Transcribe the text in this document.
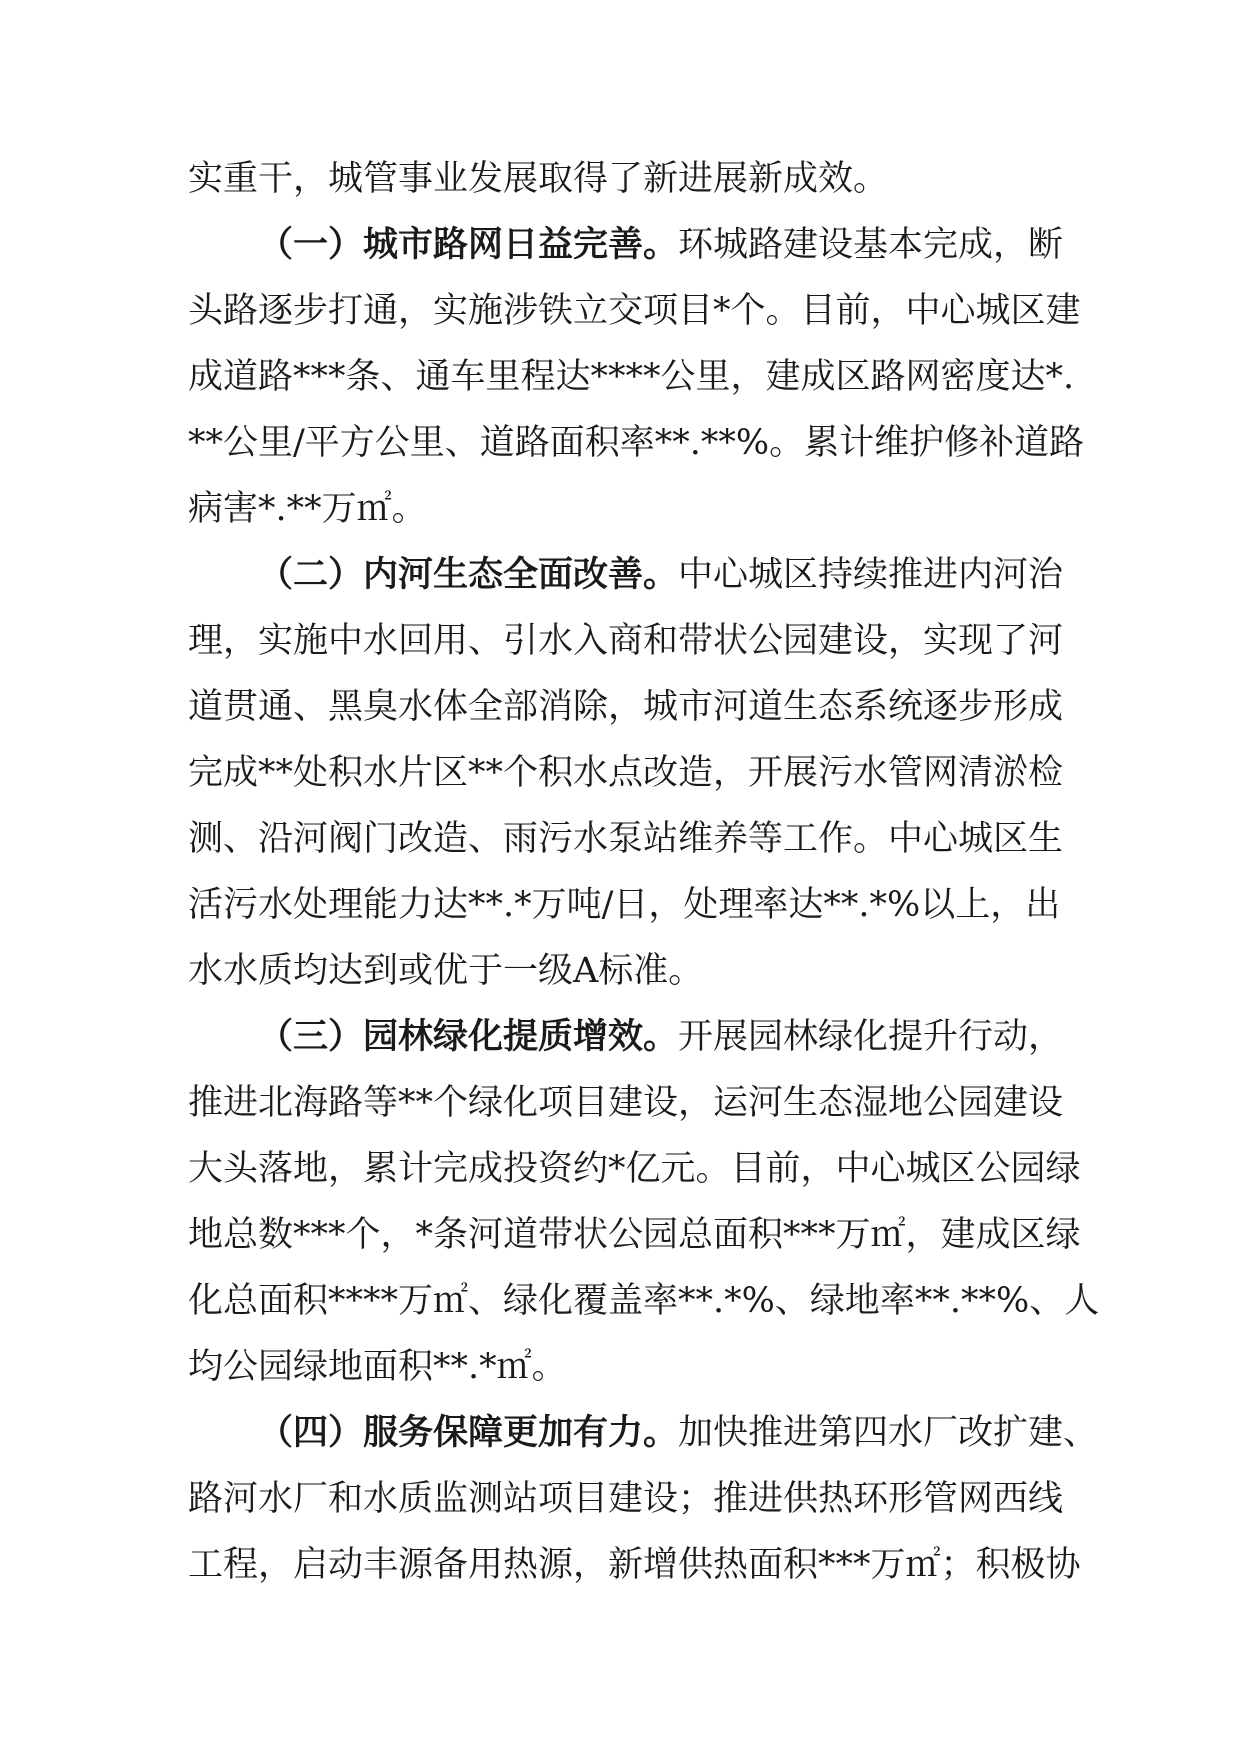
实重干，城管事业发展取得了新进展新成效。
（一）城市路网日益完善。环城路建设基本完成，断
头路逐步打通，实施涉铁立交项目*个。目前，中心城区建
成道路***条、通车里程达****公里，建成区路网密度达*.
**公里/平方公里、道路面积率**.**%。累计维护修补道路
病害*.**万㎡。
（二）内河生态全面改善。中心城区持续推进内河治
理，实施中水回用、引水入商和带状公园建设，实现了河
道贯通、黑臭水体全部消除，城市河道生态系统逐步形成
完成**处积水片区**个积水点改造，开展污水管网清淤检
测、沿河阀门改造、雨污水泵站维养等工作。中心城区生
活污水处理能力达**.*万吨/日，处理率达**.*%以上，出
水水质均达到或优于一级A标准。
（三）园林绿化提质增效。开展园林绿化提升行动，
推进北海路等**个绿化项目建设，运河生态湿地公园建设
大头落地，累计完成投资约*亿元。目前，中心城区公园绿
地总数***个，*条河道带状公园总面积***万㎡，建成区绿
化总面积****万㎡、绿化覆盖率**.*%、绿地率**.**%、人
均公园绿地面积**.*㎡。
（四）服务保障更加有力。加快推进第四水厂改扩建、
路河水厂和水质监测站项目建设；推进供热环形管网西线
工程，启动丰源备用热源，新增供热面积***万㎡；积极协
